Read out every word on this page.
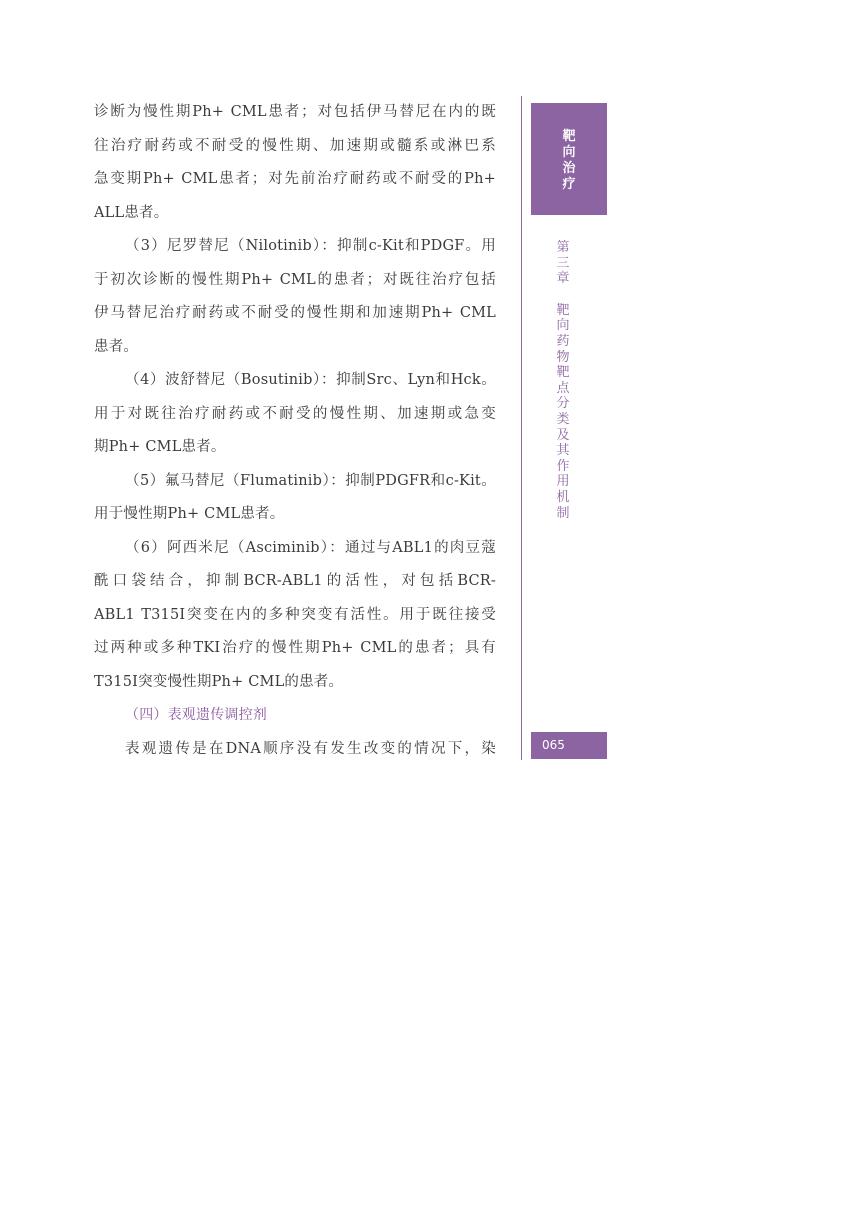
诊断为慢性期Ph+ CML患者；对包括伊马替尼在内的既
往治疗耐药或不耐受的慢性期、加速期或髓系或淋巴系
急变期Ph+ CML患者；对先前治疗耐药或不耐受的Ph+
ALL患者。
（3）尼罗替尼（Nilotinib）：抑制c-Kit和PDGF。用
于初次诊断的慢性期Ph+ CML的患者；对既往治疗包括
伊马替尼治疗耐药或不耐受的慢性期和加速期Ph+ CML
患者。
（4）波舒替尼（Bosutinib）：抑制Src、Lyn和Hck。
用于对既往治疗耐药或不耐受的慢性期、加速期或急变
期Ph+ CML患者。
（5）氟马替尼（Flumatinib）：抑制PDGFR和c-Kit。
用于慢性期Ph+ CML患者。
（6）阿西米尼（Asciminib）：通过与ABL1的肉豆蔻
酰口袋结合，抑制BCR-ABL1的活性，对包括BCR-
ABL1 T315I突变在内的多种突变有活性。用于既往接受
过两种或多种TKI治疗的慢性期Ph+ CML的患者；具有
T315I突变慢性期Ph+ CML的患者。
（四）表观遗传调控剂
表观遗传是在DNA顺序没有发生改变的情况下，染
靶向治疗
第三章
靶向药物靶点分类及其作用机制
065
